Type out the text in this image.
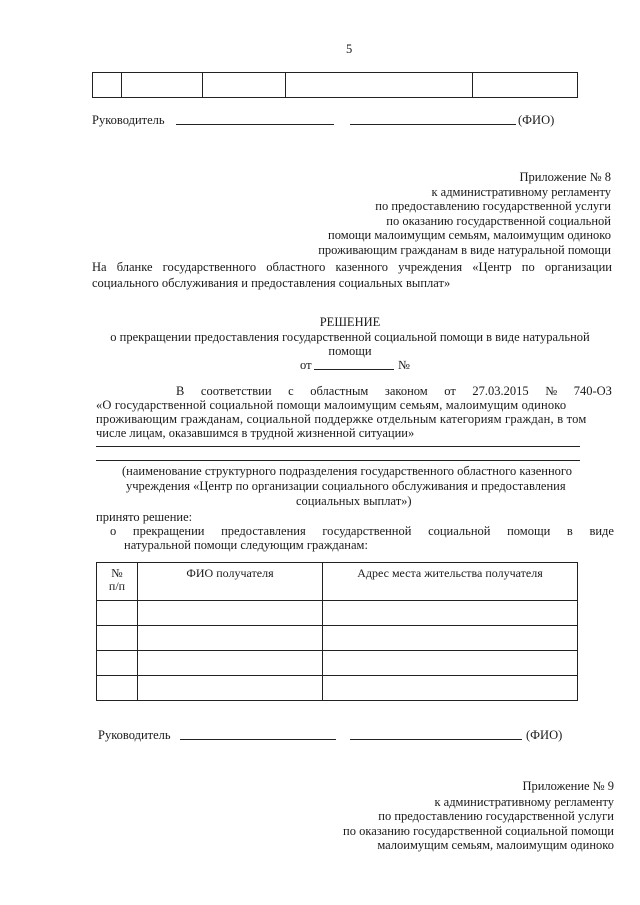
5

Руководитель	(ФИО)
Приложение № 8
к административному регламенту
по предоставлению государственной услуги
по оказанию государственной социальной
помощи малоимущим семьям, малоимущим одиноко
проживающим гражданам в виде натуральной помощи
На бланке государственного областного казенного учреждения «Центр по организации
социального обслуживания и предоставления социальных выплат»
РЕШЕНИЕ
о прекращении предоставления государственной социальной помощи в виде натуральной
помощи
от	№
В соответствии с областным законом от 27.03.2015 № 740-ОЗ
«О государственной социальной помощи малоимущим семьям, малоимущим одиноко
проживающим гражданам, социальной поддержке отдельным категориям граждан, в том
числе лицам, оказавшимся в трудной жизненной ситуации»
(наименование структурного подразделения государственного областного казенного
учреждения «Центр по организации социального обслуживания и предоставления
социальных выплат»)
принято решение:
о прекращении предоставления государственной социальной помощи в виде
натуральной помощи следующим гражданам:
№
п/п	ФИО получателя	Адрес места жительства получателя

Руководитель	(ФИО)
Приложение № 9
к административному регламенту
по предоставлению государственной услуги
по оказанию государственной социальной помощи
малоимущим семьям, малоимущим одиноко
